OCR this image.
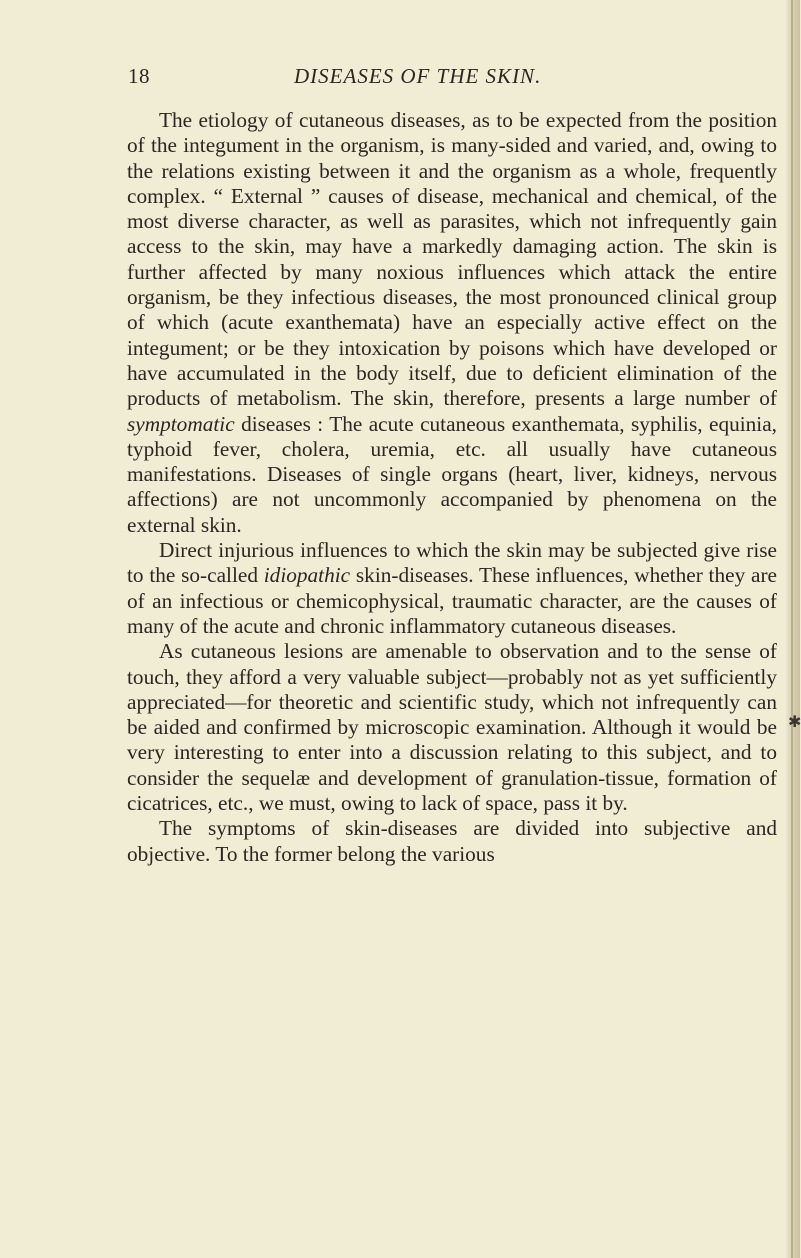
18	DISEASES OF THE SKIN.

The etiology of cutaneous diseases, as to be expected from the position of the integument in the organism, is many-sided and varied, and, owing to the relations existing between it and the organism as a whole, frequently complex. “ External ” causes of disease, mechanical and chemical, of the most diverse character, as well as parasites, which not infrequently gain access to the skin, may have a markedly damaging action. The skin is further affected by many noxious influences which attack the entire organism, be they infectious diseases, the most pronounced clinical group of which (acute exanthemata) have an especially active effect on the integument; or be they intoxication by poisons which have developed or have accumulated in the body itself, due to deficient elimination of the products of metabolism. The skin, therefore, presents a large number of symptomatic diseases : The acute cutaneous exanthemata, syphilis, equinia, typhoid fever, cholera, uremia, etc. all usually have cutaneous manifestations. Diseases of single organs (heart, liver, kidneys, nervous affections) are not uncommonly accompanied by phenomena on the external skin.

Direct injurious influences to which the skin may be subjected give rise to the so-called idiopathic skin-diseases. These influences, whether they are of an infectious or chemicophysical, traumatic character, are the causes of many of the acute and chronic inflammatory cutaneous diseases.

As cutaneous lesions are amenable to observation and to the sense of touch, they afford a very valuable subject—probably not as yet sufficiently appreciated—for theoretic and scientific study, which not infrequently can be aided and confirmed by microscopic examination. Although it would be very interesting to enter into a discussion relating to this subject, and to consider the sequelæ and development of granulation-tissue, formation of cicatrices, etc., we must, owing to lack of space, pass it by.

The symptoms of skin-diseases are divided into subjective and objective. To the former belong the various

✱
